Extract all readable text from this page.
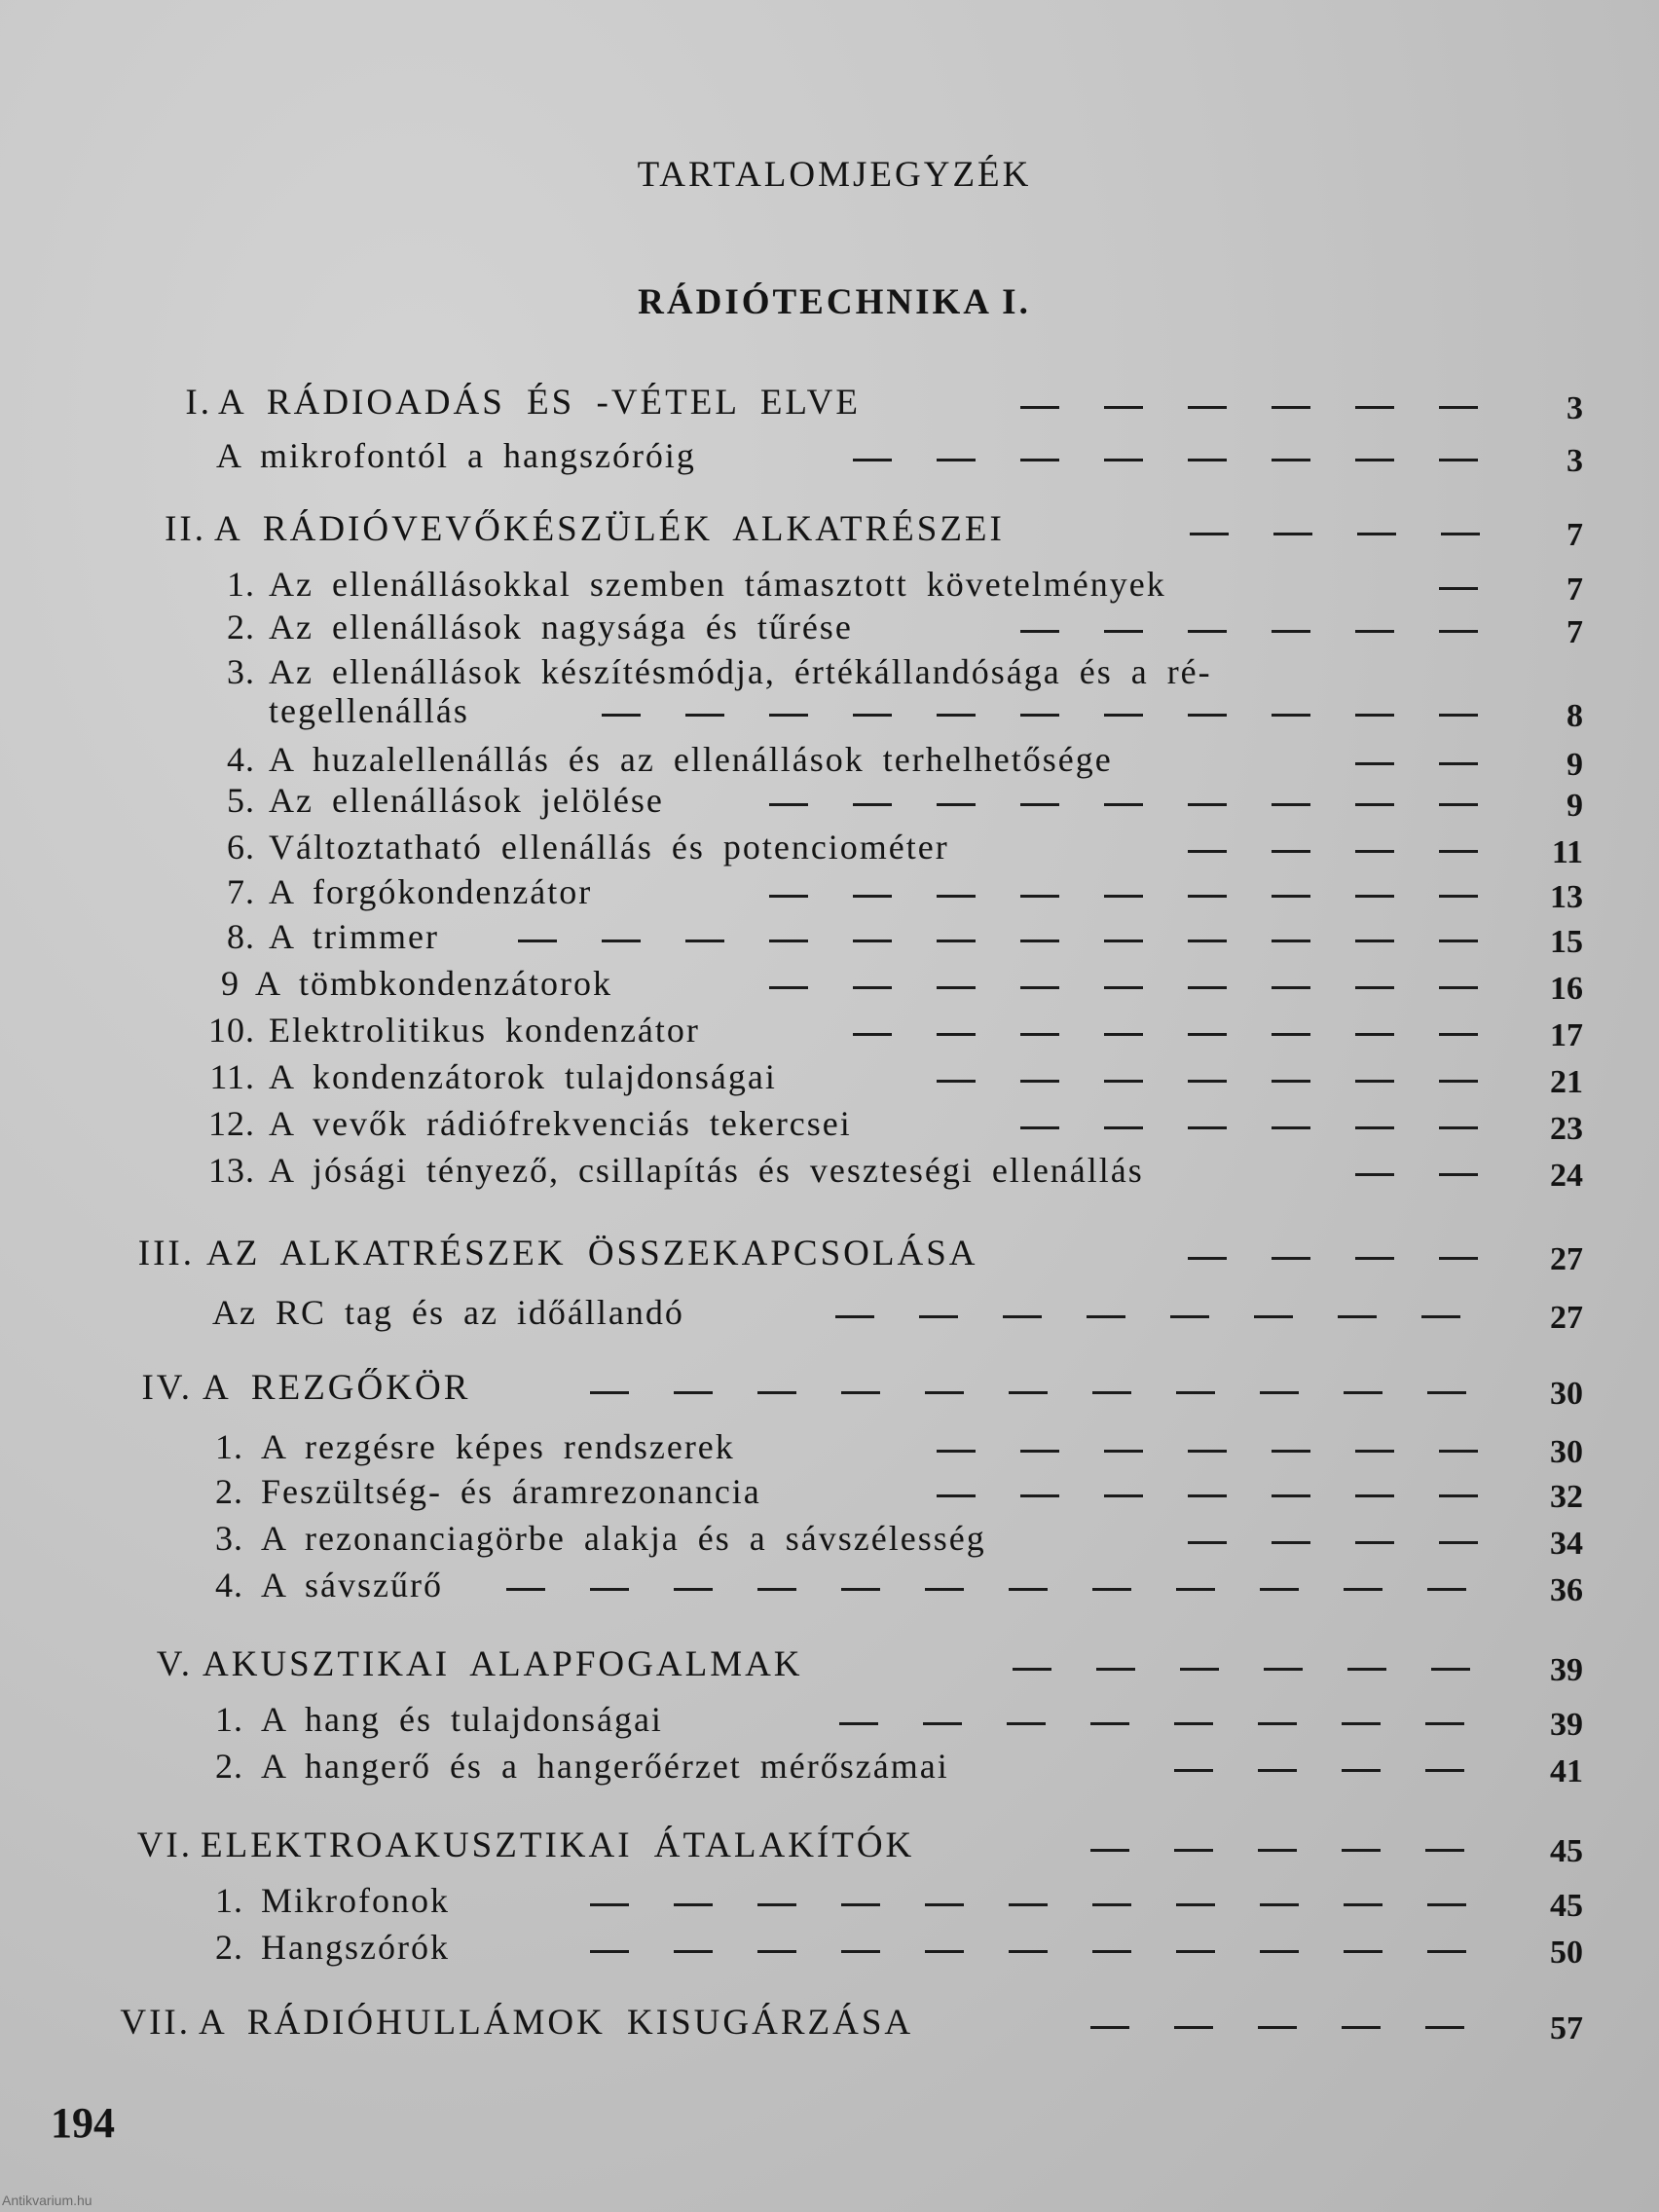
TARTALOMJEGYZÉK
RÁDIÓTECHNIKA I.
I. A RÁDIOADÁS ÉS -VÉTEL ELVE	3
A mikrofontól a hangszóróig	3
II. A RÁDIÓVEVŐKÉSZÜLÉK ALKATRÉSZEI	7
1. Az ellenállásokkal szemben támasztott követelmények	7
2. Az ellenállások nagysága és tűrése	7
3. Az ellenállások készítésmódja, értékállandósága és a ré-
tegellenállás	8
4. A huzalellenállás és az ellenállások terhelhetősége	9
5. Az ellenállások jelölése	9
6. Változtatható ellenállás és potenciométer	11
7. A forgókondenzátor	13
8. A trimmer	15
9 A tömbkondenzátorok	16
10. Elektrolitikus kondenzátor	17
11. A kondenzátorok tulajdonságai	21
12. A vevők rádiófrekvenciás tekercsei	23
13. A jósági tényező, csillapítás és veszteségi ellenállás	24
III. AZ ALKATRÉSZEK ÖSSZEKAPCSOLÁSA	27
Az RC tag és az időállandó	27
IV. A REZGŐKÖR	30
1. A rezgésre képes rendszerek	30
2. Feszültség- és áramrezonancia	32
3. A rezonanciagörbe alakja és a sávszélesség	34
4. A sávszűrő	36
V. AKUSZTIKAI ALAPFOGALMAK	39
1. A hang és tulajdonságai	39
2. A hangerő és a hangerőérzet mérőszámai	41
VI. ELEKTROAKUSZTIKAI ÁTALAKÍTÓK	45
1. Mikrofonok	45
2. Hangszórók	50
VII. A RÁDIÓHULLÁMOK KISUGÁRZÁSA	57
194
Antikvarium.hu
